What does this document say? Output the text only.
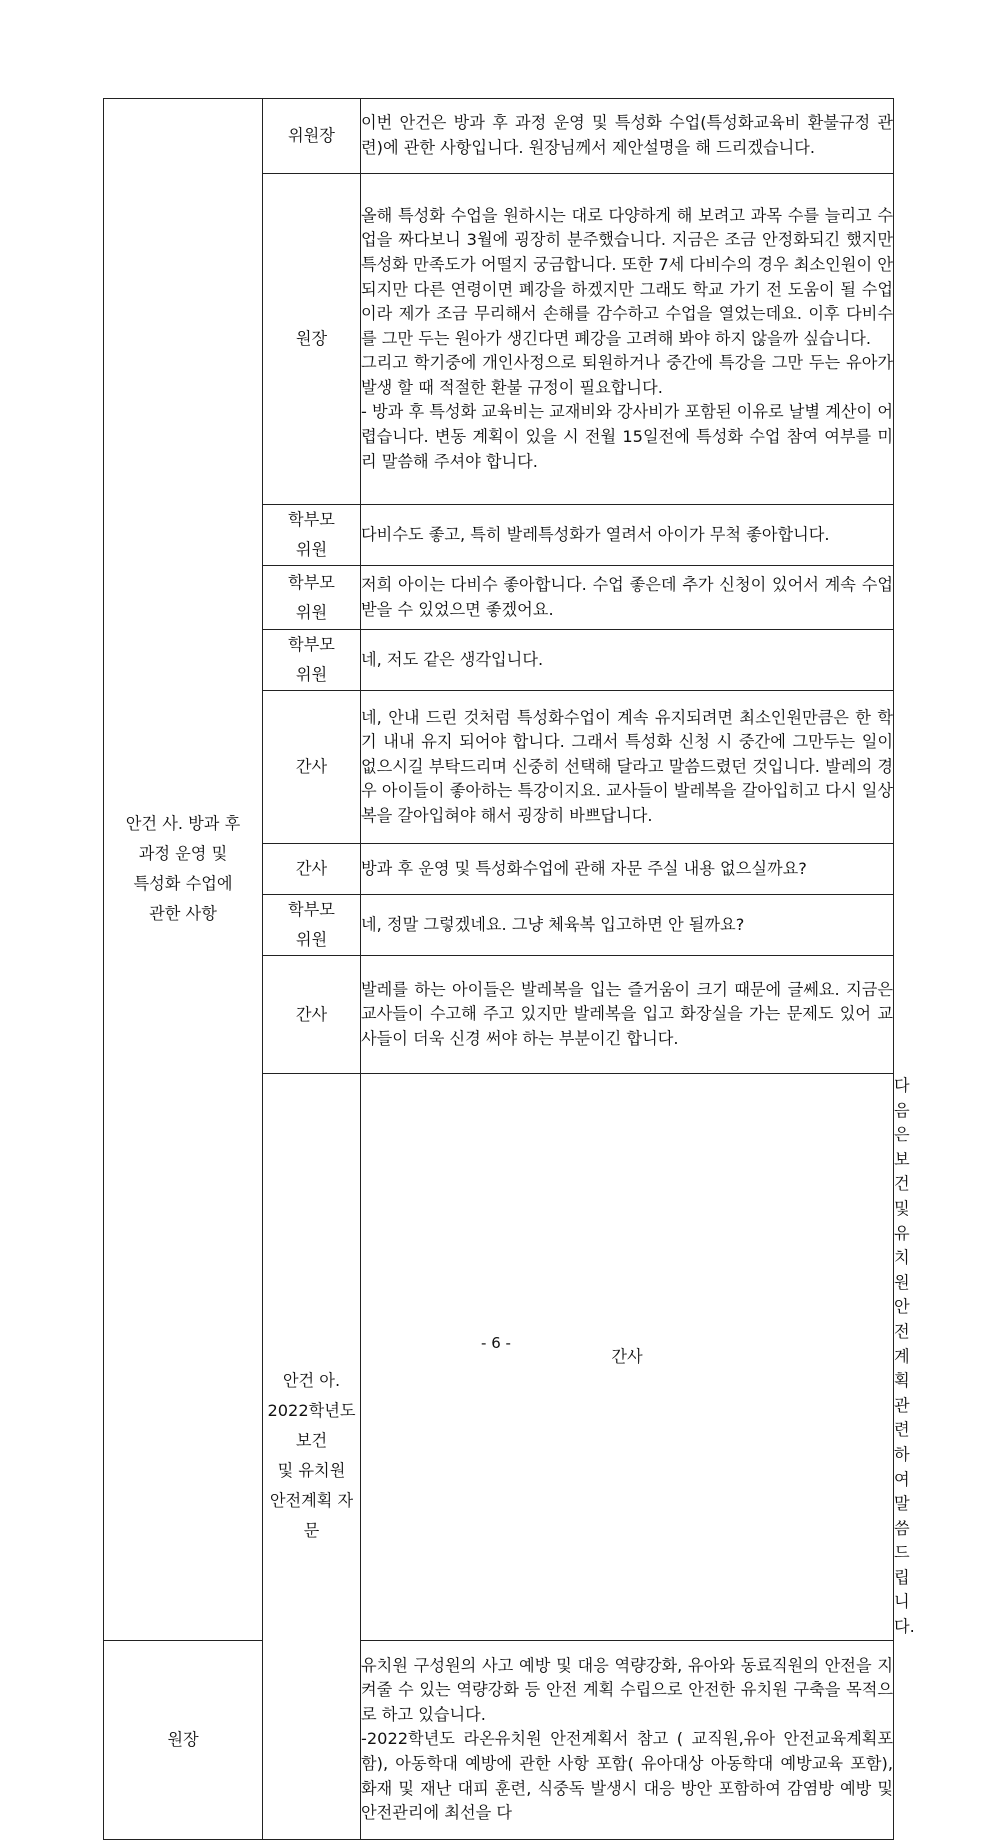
안건 사. 방과 후
과정 운영 및
특성화 수업에
관한 사항	위원장	이번 안건은 방과 후 과정 운영 및 특성화 수업(특성화교육비 환불규정 관련)에 관한 사항입니다. 원장님께서 제안설명을 해 드리겠습니다.	

	원장	올해 특성화 수업을 원하시는 대로 다양하게 해 보려고 과목 수를 늘리고 수업을 짜다보니 3월에 굉장히 분주했습니다. 지금은 조금 안정화되긴 했지만 특성화 만족도가 어떨지 궁금합니다. 또한 7세 다비수의 경우 최소인원이 안 되지만 다른 연령이면 폐강을 하겠지만 그래도 학교 가기 전 도움이 될 수업이라 제가 조금 무리해서 손해를 감수하고 수업을 열었는데요. 이후 다비수를 그만 두는 원아가 생긴다면 폐강을 고려해 봐야 하지 않을까 싶습니다.
그리고 학기중에 개인사정으로 퇴원하거나 중간에 특강을 그만 두는 유아가 발생 할 때 적절한 환불 규정이 필요합니다.
- 방과 후 특성화 교육비는 교재비와 강사비가 포함된 이유로 날별 계산이 어렵습니다. 변동 계획이 있을 시 전월 15일전에 특성화 수업 참여 여부를 미리 말씀해 주셔야 합니다.	

	학부모
위원	다비수도 좋고, 특히 발레특성화가 열려서 아이가 무척 좋아합니다.	

	학부모
위원	저희 아이는 다비수 좋아합니다. 수업 좋은데 추가 신청이 있어서 계속 수업 받을 수 있었으면 좋겠어요.	

	학부모
위원	네, 저도 같은 생각입니다.	

	간사	네, 안내 드린 것처럼 특성화수업이 계속 유지되려면 최소인원만큼은 한 학기 내내 유지 되어야 합니다. 그래서 특성화 신청 시 중간에 그만두는 일이 없으시길 부탁드리며 신중히 선택해 달라고 말씀드렸던 것입니다. 발레의 경우 아이들이 좋아하는 특강이지요. 교사들이 발레복을 갈아입히고 다시 일상복을 갈아입혀야 해서 굉장히 바쁘답니다.	

	간사	방과 후 운영 및 특성화수업에 관해 자문 주실 내용 없으실까요?	

	학부모
위원	네, 정말 그렇겠네요. 그냥 체육복 입고하면 안 될까요?	

	간사	발레를 하는 아이들은 발레복을 입는 즐거움이 크기 때문에 글쎄요. 지금은 교사들이 수고해 주고 있지만 발레복을 입고 화장실을 가는 문제도 있어 교사들이 더욱 신경 써야 하는 부분이긴 합니다.	

	안건 아.
2022학년도 보건
및 유치원
안전계획 자문	간사	다음은 보건 및 유치원 안전계획 관련하여 말씀 드립니다.

원장		유치원 구성원의 사고 예방 및 대응 역량강화, 유아와 동료직원의 안전을 지켜줄 수 있는 역량강화 등 안전 계획 수립으로 안전한 유치원 구축을 목적으로 하고 있습니다.
-2022학년도 라온유치원 안전계획서 참고 ( 교직원,유아 안전교육계획포함), 아동학대 예방에 관한 사항 포함( 유아대상 아동학대 예방교육 포함), 화재 및 재난 대피 훈련, 식중독 발생시 대응 방안 포함하여 감염방 예방 및 안전관리에 최선을 다	
- 6 -
